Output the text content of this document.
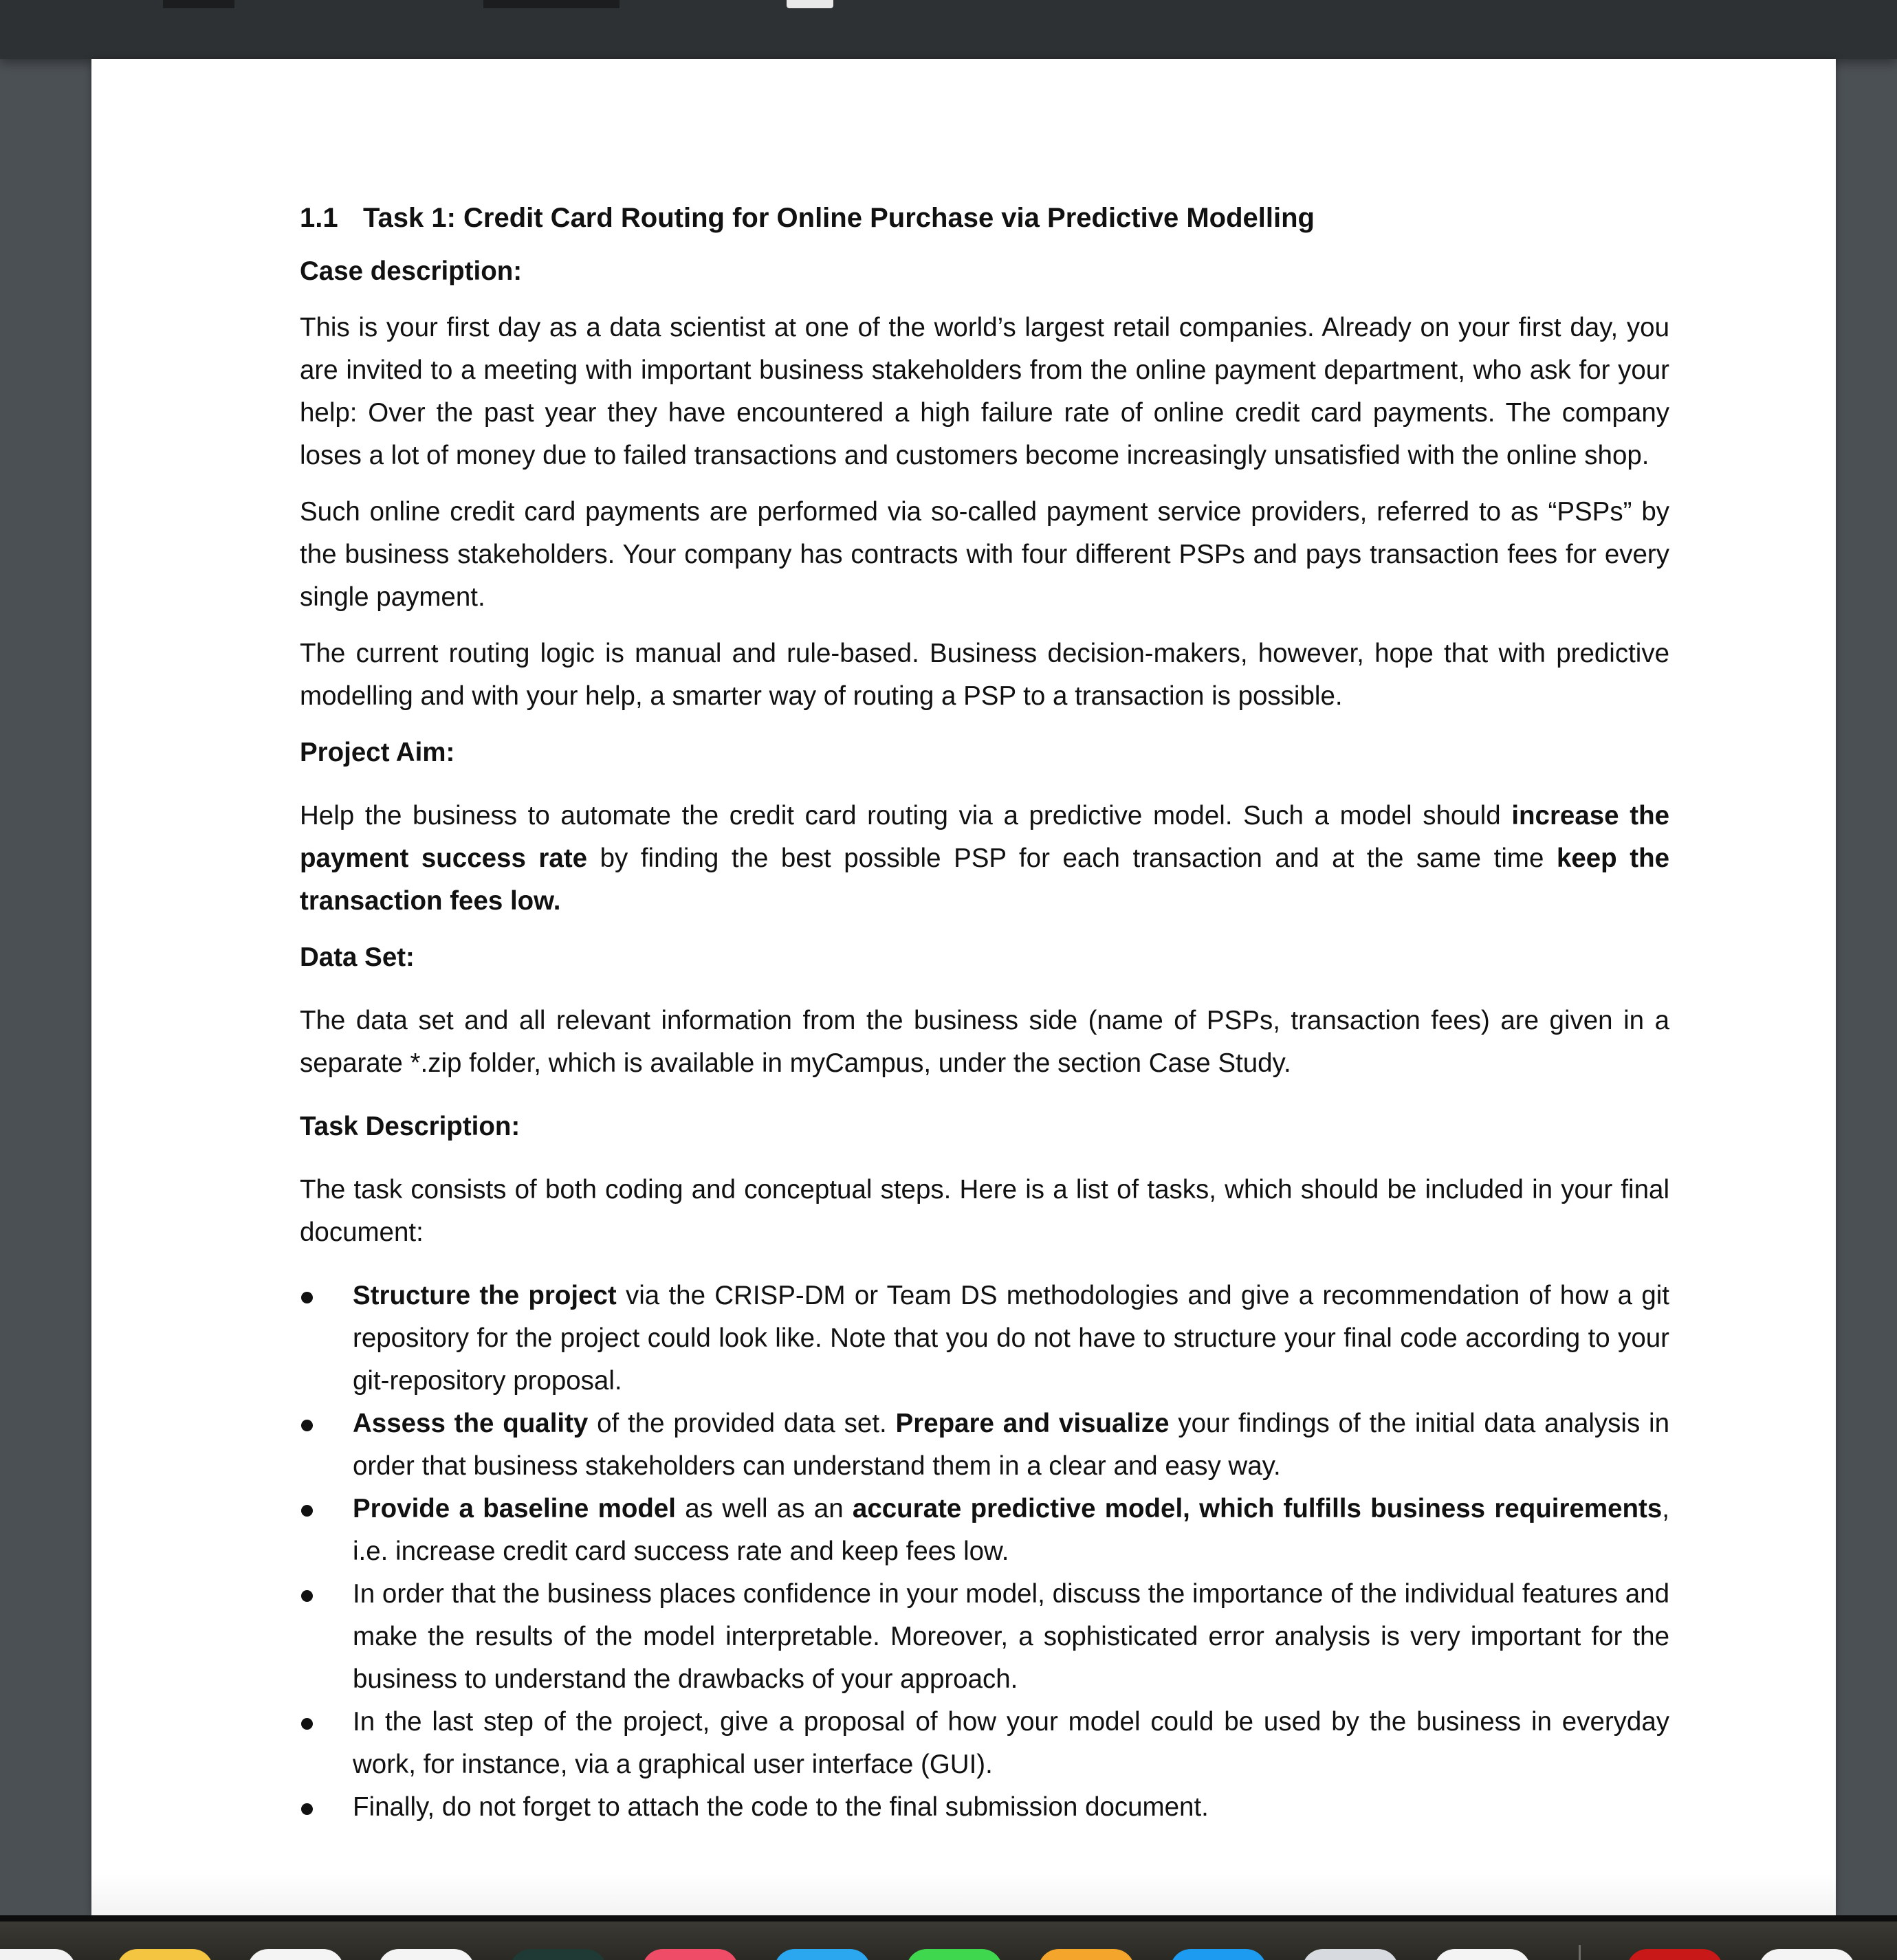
1.1 Task 1: Credit Card Routing for Online Purchase via Predictive Modelling
Case description:

This is your first day as a data scientist at one of the world’s largest retail companies. Already on your first day, you are invited to a meeting with important business stakeholders from the online payment department, who ask for your help: Over the past year they have encountered a high failure rate of online credit card payments. The company loses a lot of money due to failed transactions and customers become increasingly unsatisfied with the online shop.

Such online credit card payments are performed via so-called payment service providers, referred to as “PSPs” by the business stakeholders. Your company has contracts with four different PSPs and pays transaction fees for every single payment.

The current routing logic is manual and rule-based. Business decision-makers, however, hope that with predictive modelling and with your help, a smarter way of routing a PSP to a transaction is possible.

Project Aim:

Help the business to automate the credit card routing via a predictive model. Such a model should increase the payment success rate by finding the best possible PSP for each transaction and at the same time keep the transaction fees low.

Data Set:

The data set and all relevant information from the business side (name of PSPs, transaction fees) are given in a separate *.zip folder, which is available in myCampus, under the section Case Study.

Task Description:

The task consists of both coding and conceptual steps. Here is a list of tasks, which should be included in your final document:

Structure the project via the CRISP-DM or Team DS methodologies and give a recommendation of how a git repository for the project could look like. Note that you do not have to structure your final code according to your git-repository proposal.
Assess the quality of the provided data set. Prepare and visualize your findings of the initial data analysis in order that business stakeholders can understand them in a clear and easy way.
Provide a baseline model as well as an accurate predictive model, which fulfills business requirements, i.e. increase credit card success rate and keep fees low.
In order that the business places confidence in your model, discuss the importance of the individual features and make the results of the model interpretable. Moreover, a sophisticated error analysis is very important for the business to understand the drawbacks of your approach.
In the last step of the project, give a proposal of how your model could be used by the business in everyday work, for instance, via a graphical user interface (GUI).
Finally, do not forget to attach the code to the final submission document.
